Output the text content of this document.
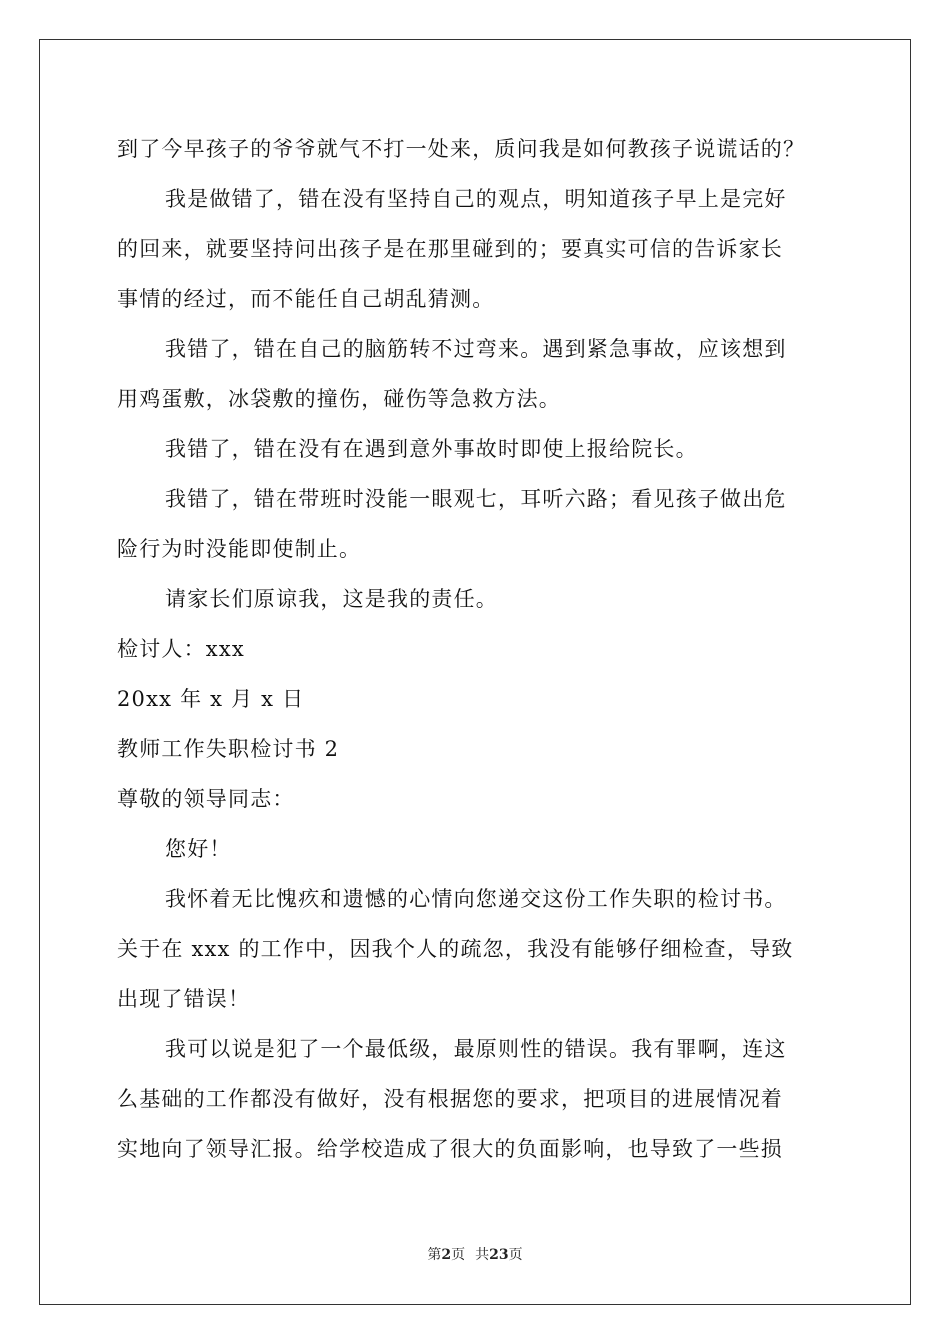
到了今早孩子的爷爷就气不打一处来，质问我是如何教孩子说谎话的？
我是做错了，错在没有坚持自己的观点，明知道孩子早上是完好
的回来，就要坚持问出孩子是在那里碰到的；要真实可信的告诉家长
事情的经过，而不能任自己胡乱猜测。
我错了，错在自己的脑筋转不过弯来。遇到紧急事故，应该想到
用鸡蛋敷，冰袋敷的撞伤，碰伤等急救方法。
我错了，错在没有在遇到意外事故时即使上报给院长。
我错了，错在带班时没能一眼观七，耳听六路；看见孩子做出危
险行为时没能即使制止。
请家长们原谅我，这是我的责任。
检讨人：xxx
20xx 年 x 月 x 日
教师工作失职检讨书 2
尊敬的领导同志：
您好！
我怀着无比愧疚和遗憾的心情向您递交这份工作失职的检讨书。
关于在 xxx 的工作中，因我个人的疏忽，我没有能够仔细检查，导致
出现了错误！
我可以说是犯了一个最低级，最原则性的错误。我有罪啊，连这
么基础的工作都没有做好，没有根据您的要求，把项目的进展情况着
实地向了领导汇报。给学校造成了很大的负面影响，也导致了一些损
第2页 共23页
